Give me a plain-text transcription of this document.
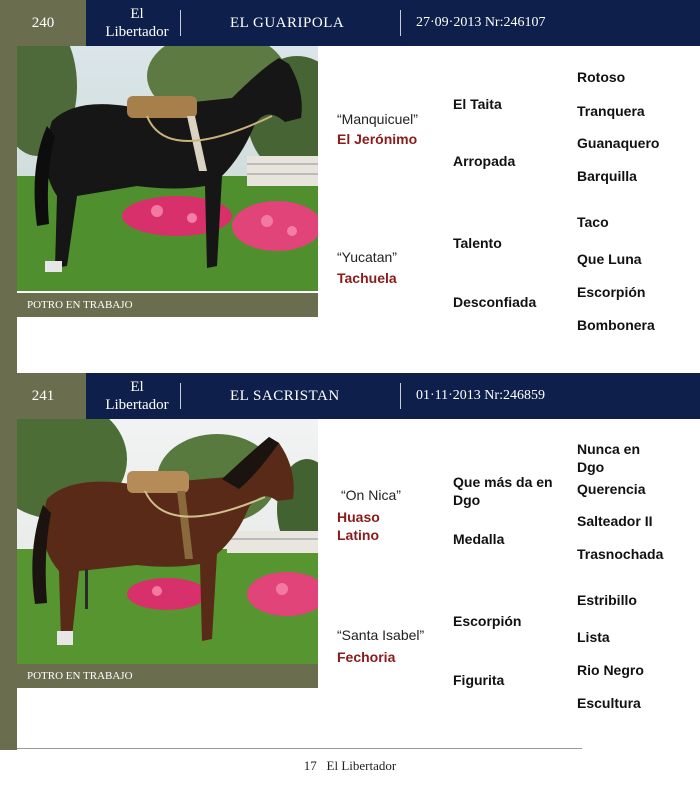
240
El
Libertador
EL GUARIPOLA	27·09·2013 Nr:246107
POTRO EN TRABAJO
“Manquicuel”
El Jerónimo
“Yucatan”
Tachuela
El Taita
Arropada
Talento
Desconfiada
Rotoso
Tranquera
Guanaquero
Barquilla
Taco
Que Luna
Escorpión
Bombonera
241
El
Libertador
EL SACRISTAN	01·11·2013 Nr:246859
POTRO EN TRABAJO
“On Nica”
Huaso Latino
“Santa Isabel”
Fechoria
Que más da en Dgo
Medalla
Escorpión
Figurita
Nunca en Dgo
Querencia
Salteador II
Trasnochada
Estribillo
Lista
Rio Negro
Escultura
17 El Libertador
